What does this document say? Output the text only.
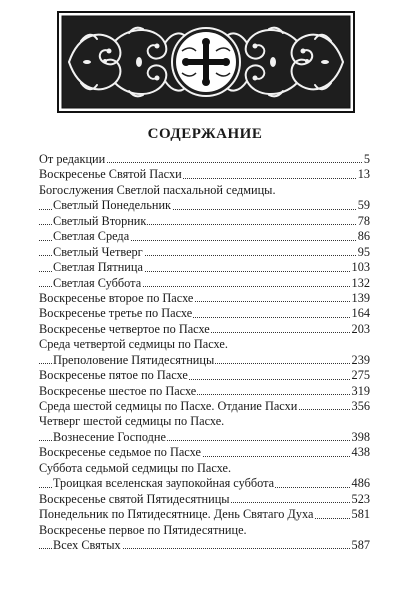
СОДЕРЖАНИЕ
От редакции	5
Воскресенье Святой Пасхи	13
Богослужения Светлой пасхальной седмицы.
Светлый Понедельник	59
Светлый Вторник	78
Светлая Среда	86
Светлый Четверг	95
Светлая Пятница	103
Светлая Суббота	132
Воскресенье второе по Пасхе	139
Воскресенье третье по Пасхе	164
Воскресенье четвертое по Пасхе	203
Среда четвертой седмицы по Пасхе.
Преполовение Пятидесятницы	239
Воскресенье пятое по Пасхе	275
Воскресенье шестое по Пасхе	319
Среда шестой седмицы по Пасхе. Отдание Пасхи	356
Четверг шестой седмицы по Пасхе.
Вознесение Господне	398
Воскресенье седьмое по Пасхе	438
Суббота седьмой седмицы по Пасхе.
Троицкая вселенская заупокойная суббота	486
Воскресенье святой Пятидесятницы	523
Понедельник по Пятидесятнице. День Святаго Духа	581
Воскресенье первое по Пятидесятнице.
Всех Святых	587
